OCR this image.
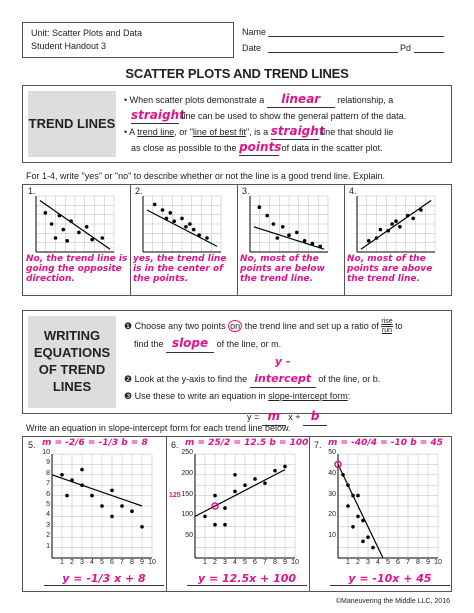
Unit: Scatter Plots and Data
Student Handout 3
Name
Date	Pd
SCATTER PLOTS AND TREND LINES
TREND LINES
• When scatter plots demonstrate a linear relationship, a
straight line can be used to show the general pattern of the data.
• A trend line, or "line of best fit", is a straight line that should lie
as close as possible to the points of data in the scatter plot.
For 1-4, write "yes" or "no" to describe whether or not the line is a good trend line. Explain.
1.
No, the trend line is going the opposite direction.
2.
yes, the trend line is in the center of the points.
3.
No, most of the points are below the trend line.
4.
No, most of the points are above the trend line.
WRITING EQUATIONS OF TREND LINES
❶ Choose any two points on the trend line and set up a ratio of rise
run to
find the slope of the line, or m.
❷ Look at the y-axis to find the y - intercept of the line, or b.
❸ Use these to write an equation in slope-intercept form:
y = m x + b
Write an equation in slope-intercept form for each trend line below.
5. m = -2/6 = -1/3 b = 8
10
9
8
7
6
5
4
3
2
1
1 2 3 4 5 6 7 8 9 10
y = -1/3 x + 8
6. m = 25/2 = 12.5 b = 100
250
200
150
100
50
1 2 3 4 5 6 7 8 9 10
125
y = 12.5x + 100
7. m = -40/4 = -10 b = 45
50
40
30
20
10
1 2 3 4 5 6 7 8 9 10
y = -10x + 45
©Maneuvering the Middle LLC, 2016
